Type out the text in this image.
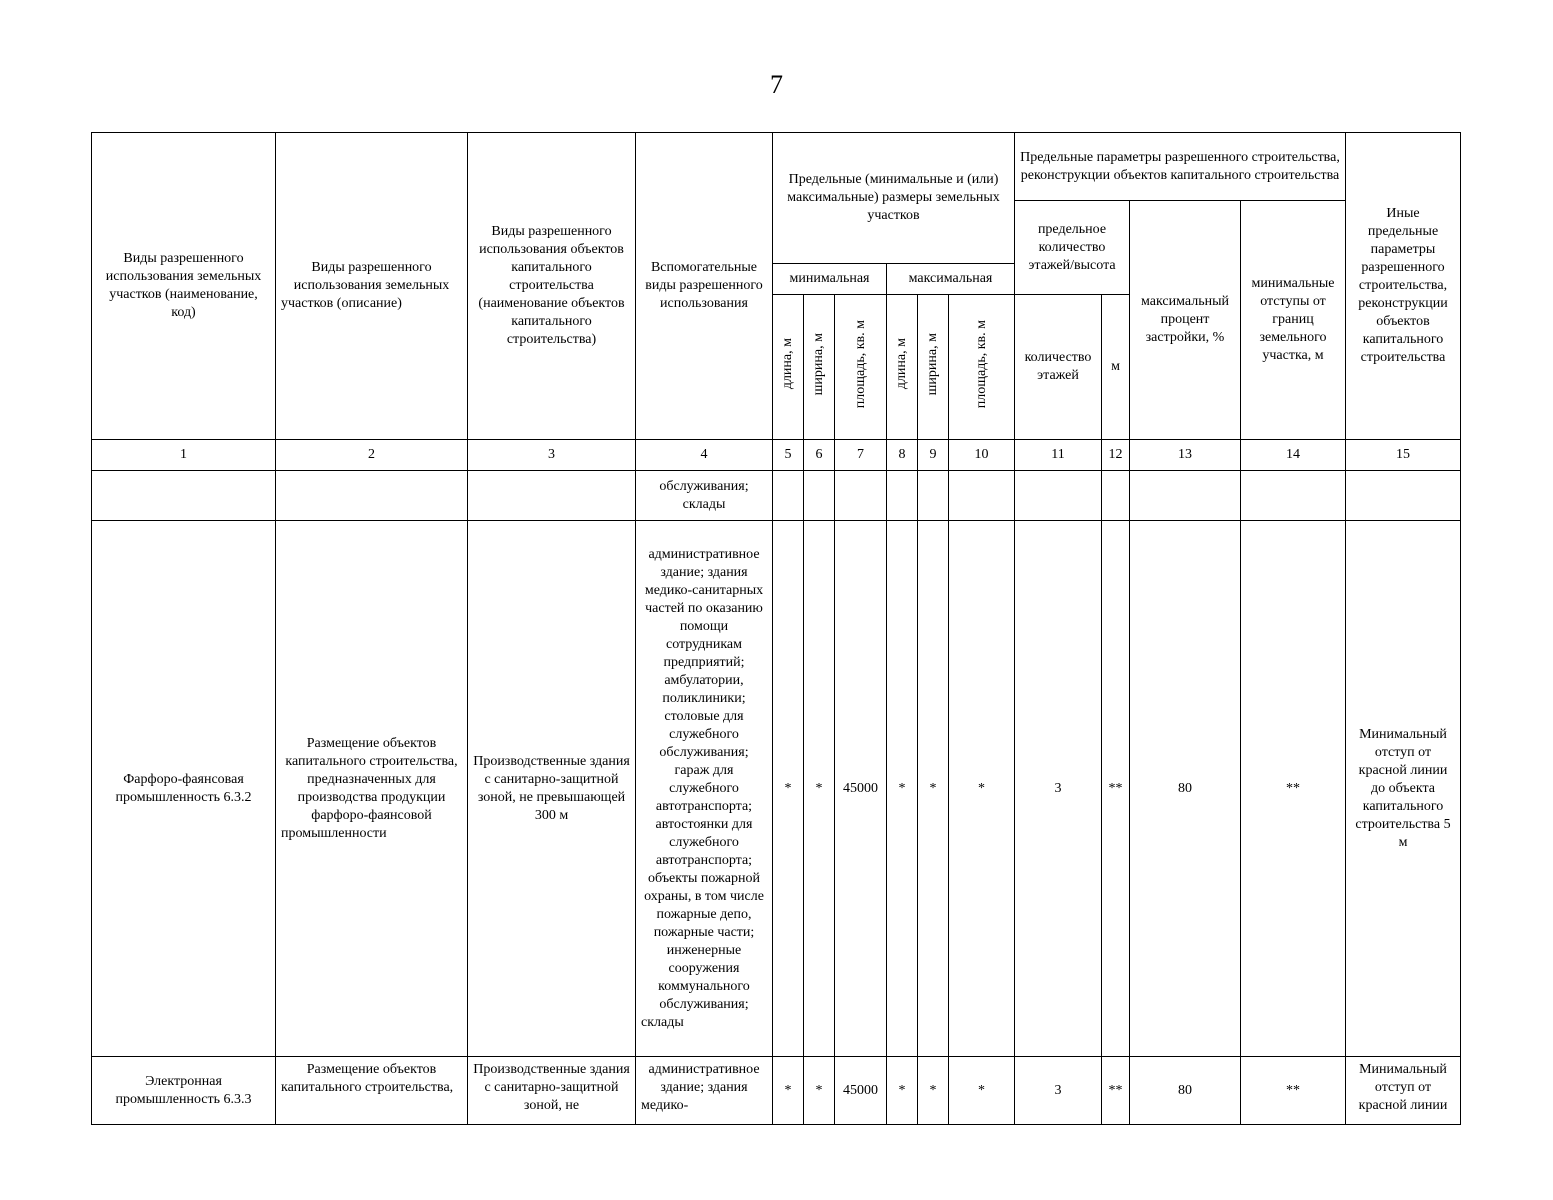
7
Виды разрешенного использования земельных участков (наименование, код)	Виды разрешенного использования земельных участков (описание)	Виды разрешенного использования объектов капитального строительства (наименование объектов капитального строительства)	Вспомогательные виды разрешенного использования	Предельные (минимальные и (или) максимальные) размеры земельных участков						Предельные параметры разрешенного строительства, реконструкции объектов капитального строительства				Иные предельные параметры разрешенного строительства, реконструкции объектов капитального строительства
										предельное количество этажей/высота		максимальный процент застройки, %	минимальные отступы от границ земельного участка, м	
				минимальная			максимальная							
				длина, м	ширина, м	площадь, кв. м	длина, м	ширина, м	площадь, кв. м	количество этажей	м			
1	2	3	4	5	6	7	8	9	10	11	12	13	14	15
			обслуживания; склады											
Фарфоро-фаянсовая промышленность 6.3.2	Размещение объектов капитального строительства, предназначенных для производства продукции фарфоро-фаянсовой промышленности	Производственные здания с санитарно-защитной зоной, не превышающей 300 м	административное здание; здания медико-санитарных частей по оказанию помощи сотрудникам предприятий; амбулатории, поликлиники; столовые для служебного обслуживания; гараж для служебного автотранспорта; автостоянки для служебного автотранспорта; объекты пожарной охраны, в том числе пожарные депо, пожарные части; инженерные сооружения коммунального обслуживания; склады	*	*	45000	*	*	*	3	**	80	**	Минимальный отступ от красной линии до объекта капитального строительства 5 м

Электронная промышленность 6.3.3	Размещение объектов капитального строительства,	Производственные здания с санитарно-защитной зоной, не	административное здание; здания медико-	*	*	45000	*	*	*	3	**	80	**	Минимальный отступ от красной линии
